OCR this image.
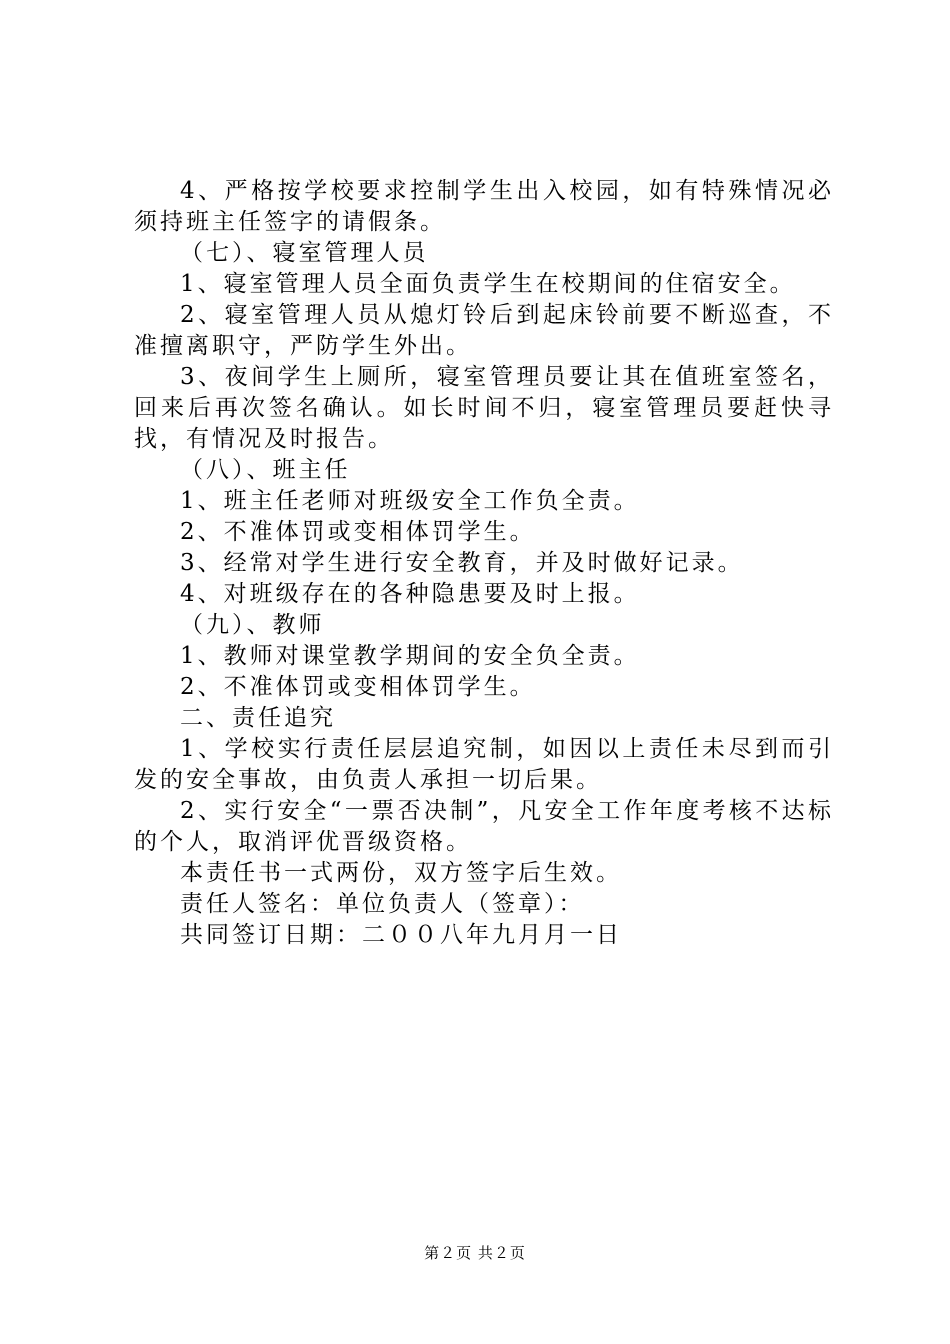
4、严格按学校要求控制学生出入校园，如有特殊情况必须持班主任签字的请假条。

（七）、寝室管理人员

1、寝室管理人员全面负责学生在校期间的住宿安全。

2、寝室管理人员从熄灯铃后到起床铃前要不断巡查，不准擅离职守，严防学生外出。

3、夜间学生上厕所，寝室管理员要让其在值班室签名，回来后再次签名确认。如长时间不归，寝室管理员要赶快寻找，有情况及时报告。

（八）、班主任

1、班主任老师对班级安全工作负全责。

2、不准体罚或变相体罚学生。

3、经常对学生进行安全教育，并及时做好记录。

4、对班级存在的各种隐患要及时上报。

（九）、教师

1、教师对课堂教学期间的安全负全责。

2、不准体罚或变相体罚学生。

二、责任追究

1、学校实行责任层层追究制，如因以上责任未尽到而引发的安全事故，由负责人承担一切后果。

2、实行安全“一票否决制”，凡安全工作年度考核不达标的个人，取消评优晋级资格。

本责任书一式两份，双方签字后生效。

责任人签名：单位负责人（签章）：

共同签订日期：二００八年九月月一日

第２页 共２页
